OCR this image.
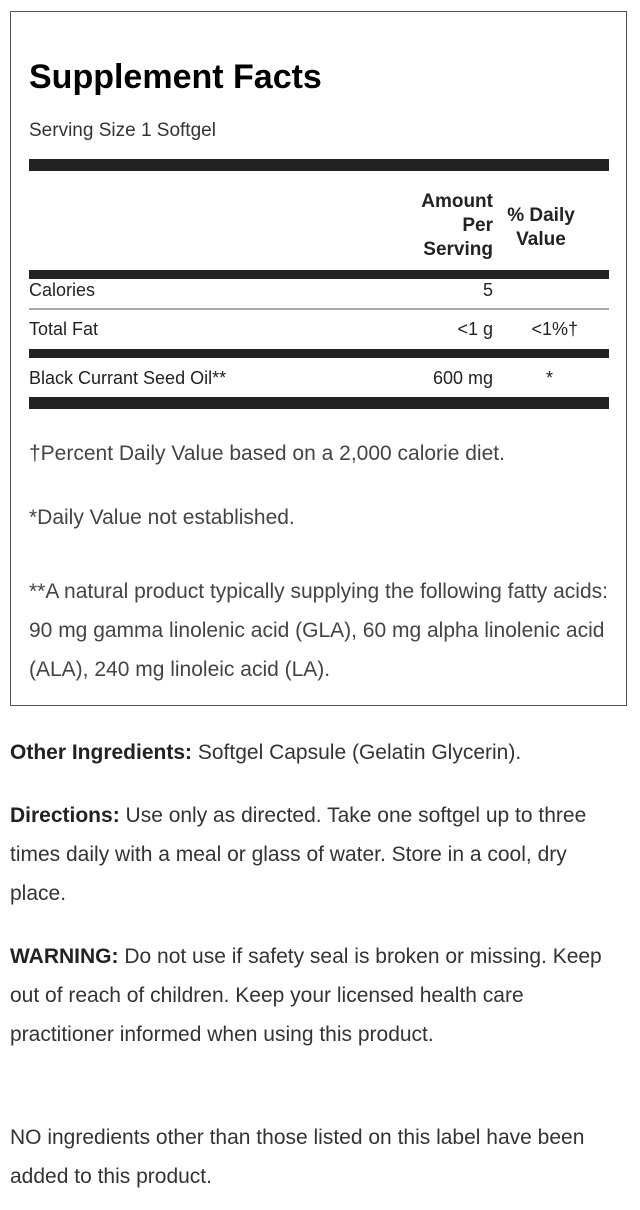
Supplement Facts
Serving Size 1 Softgel
Amount
Per
Serving
% Daily
Value
Calories	5
Total Fat	<1 g <1%†
Black Currant Seed Oil**	600 mg	*
†Percent Daily Value based on a 2,000 calorie diet.
*Daily Value not established.
**A natural product typically supplying the following fatty acids: 90 mg gamma linolenic acid (GLA), 60 mg alpha linolenic acid (ALA), 240 mg linoleic acid (LA).
Other Ingredients: Softgel Capsule (Gelatin Glycerin).
Directions: Use only as directed. Take one softgel up to three times daily with a meal or glass of water. Store in a cool, dry place.
WARNING: Do not use if safety seal is broken or missing. Keep out of reach of children. Keep your licensed health care practitioner informed when using this product.
NO ingredients other than those listed on this label have been added to this product.
